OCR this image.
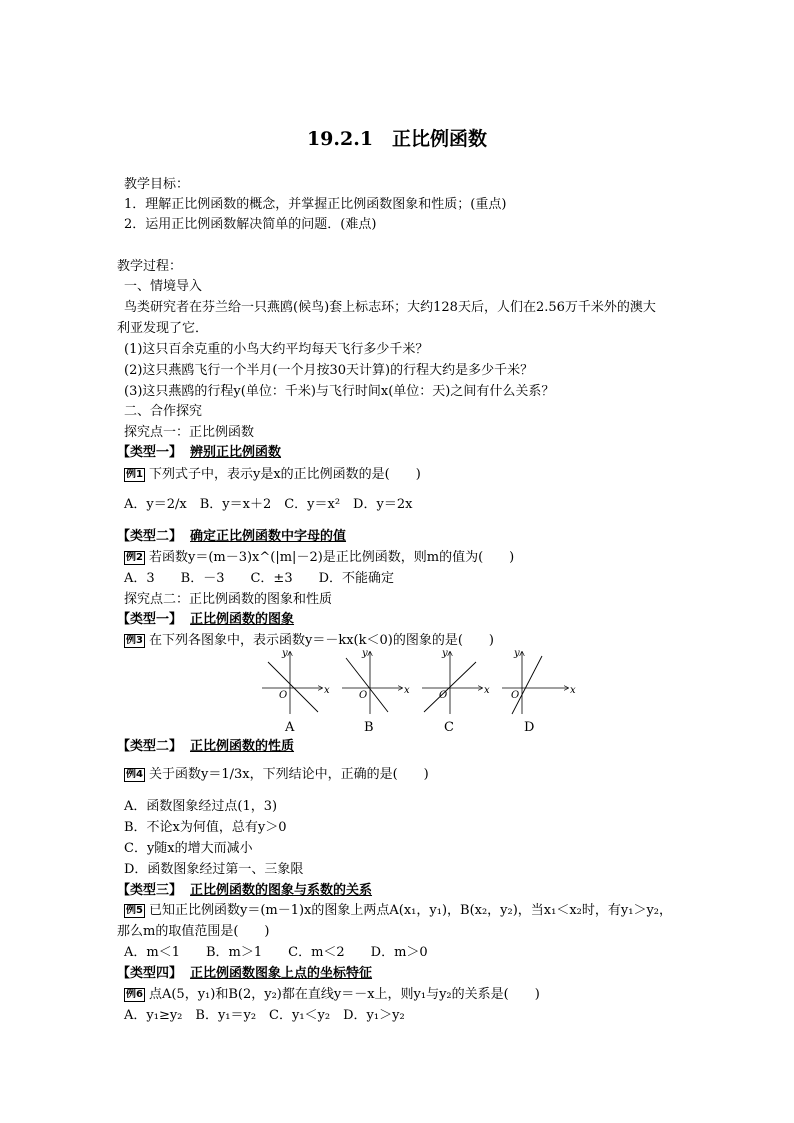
19.2.1　正比例函数
教学目标：
1．理解正比例函数的概念，并掌握正比例函数图象和性质；(重点)
2．运用正比例函数解决简单的问题．(难点)
教学过程：
一、情境导入
鸟类研究者在芬兰给一只燕鸥(候鸟)套上标志环；大约128天后，人们在2.56万千米外的澳大
利亚发现了它．
(1)这只百余克重的小鸟大约平均每天飞行多少千米？
(2)这只燕鸥飞行一个半月(一个月按30天计算)的行程大约是多少千米？
(3)这只燕鸥的行程y(单位：千米)与飞行时间x(单位：天)之间有什么关系？
二、合作探究
探究点一：正比例函数
【类型一】 辨别正比例函数
例1 下列式子中，表示y是x的正比例函数的是(　　)
A．y＝2/x　B．y＝x＋2　C．y＝x²　D．y＝2x
【类型二】 确定正比例函数中字母的值
例2 若函数y＝(m－3)x^(|m|－2)是正比例函数，则m的值为(　　)
A．3　　B．－3　　C．±3　　D．不能确定
探究点二：正比例函数的图象和性质
【类型一】 正比例函数的图象
例3 在下列各图象中，表示函数y＝－kx(k＜0)的图象的是(　　)
x
y
O	x
y
O	x
y
O	x
y
O
A	B	C	D
【类型二】 正比例函数的性质
例4 关于函数y＝1/3x，下列结论中，正确的是(　　)
A．函数图象经过点(1，3)
B．不论x为何值，总有y＞0
C．y随x的增大而减小
D．函数图象经过第一、三象限
【类型三】 正比例函数的图象与系数的关系
例5 已知正比例函数y＝(m－1)x的图象上两点A(x₁，y₁)，B(x₂，y₂)，当x₁＜x₂时，有y₁＞y₂，
那么m的取值范围是(　　)
A．m＜1　　B．m＞1　　C．m＜2　　D．m＞0
【类型四】 正比例函数图象上点的坐标特征
例6 点A(5，y₁)和B(2，y₂)都在直线y＝－x上，则y₁与y₂的关系是(　　)
A．y₁≥y₂　B．y₁＝y₂　C．y₁＜y₂　D．y₁＞y₂
